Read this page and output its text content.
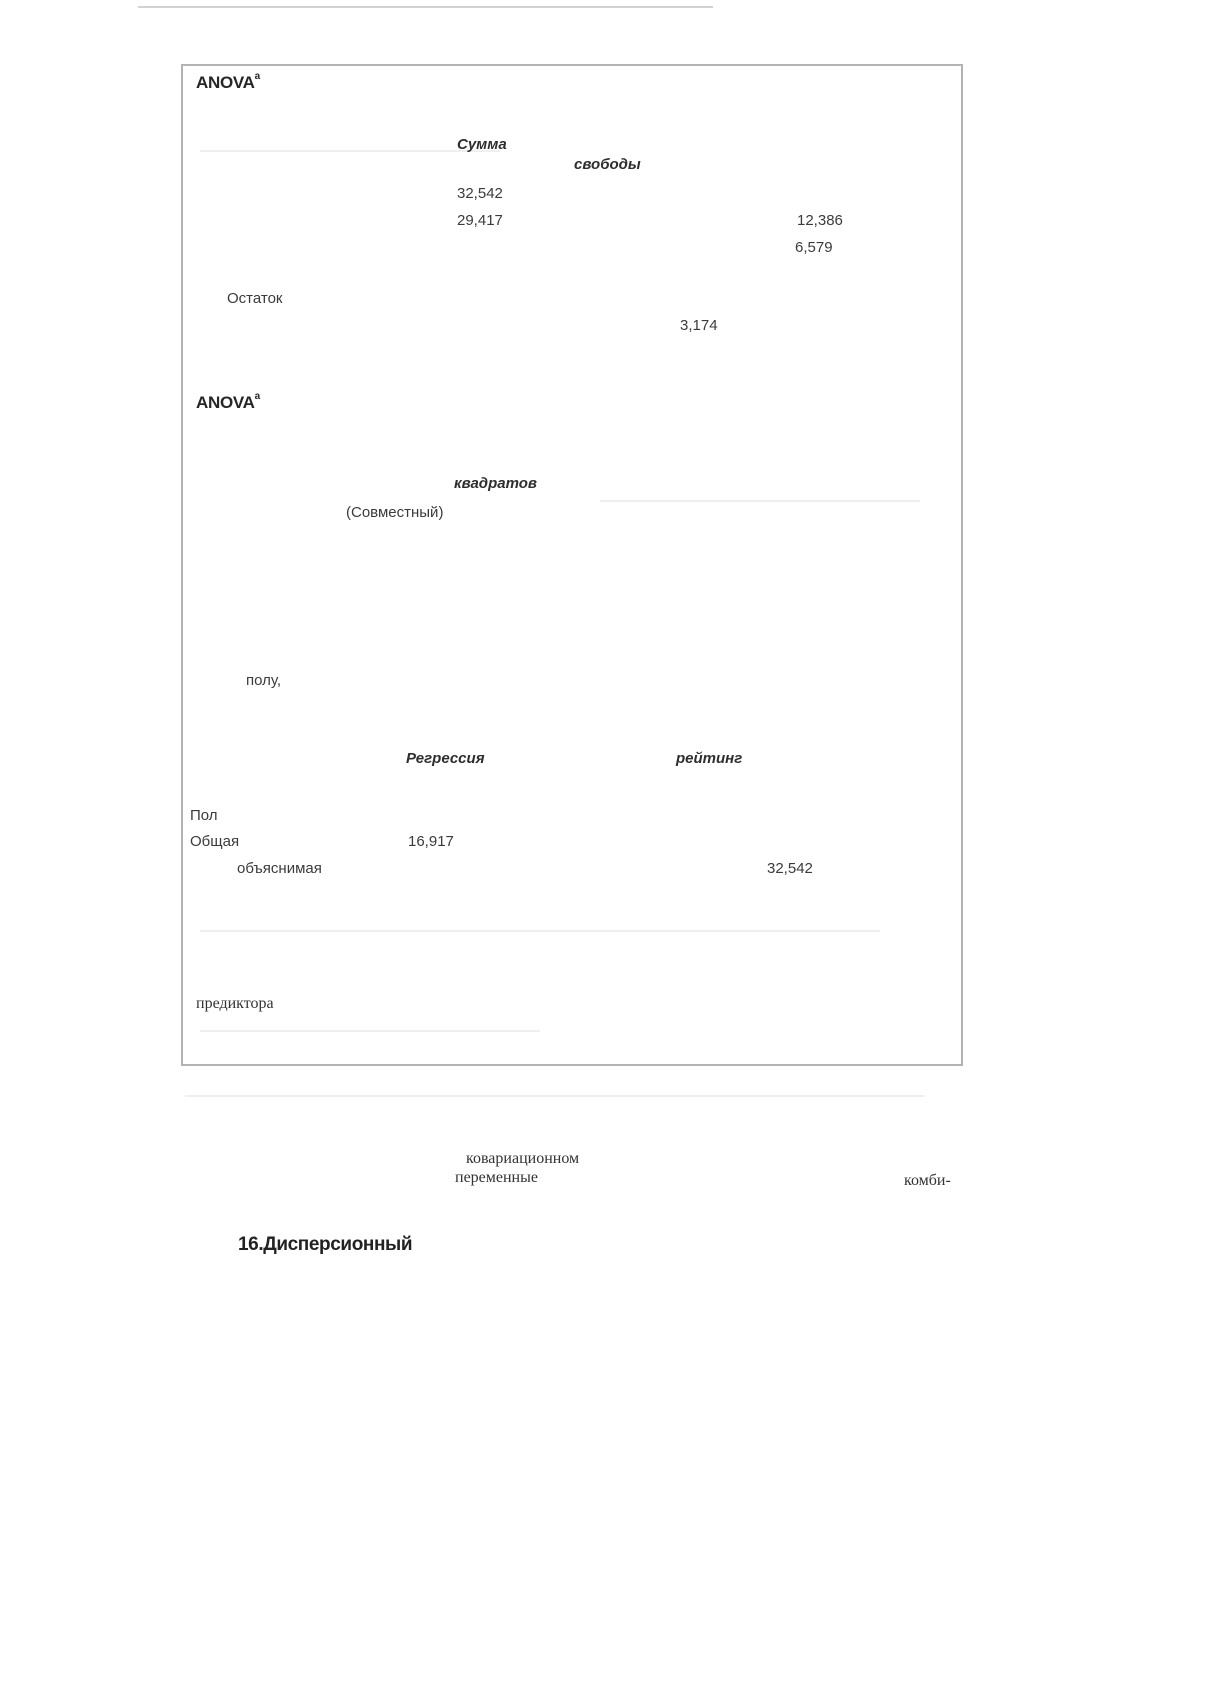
ANOVA$^a$
Сумма
свободы
32,542
29,417	12,386
6,579
Остаток
3,174
ANOVA$^a$
квадратов
(Совместный)
полу,
Регрессия	рейтинг
Пол
Общая	16,917
объяснимая	32,542
предиктора
ковариационном
переменные	комби-
16.Дисперсионный
